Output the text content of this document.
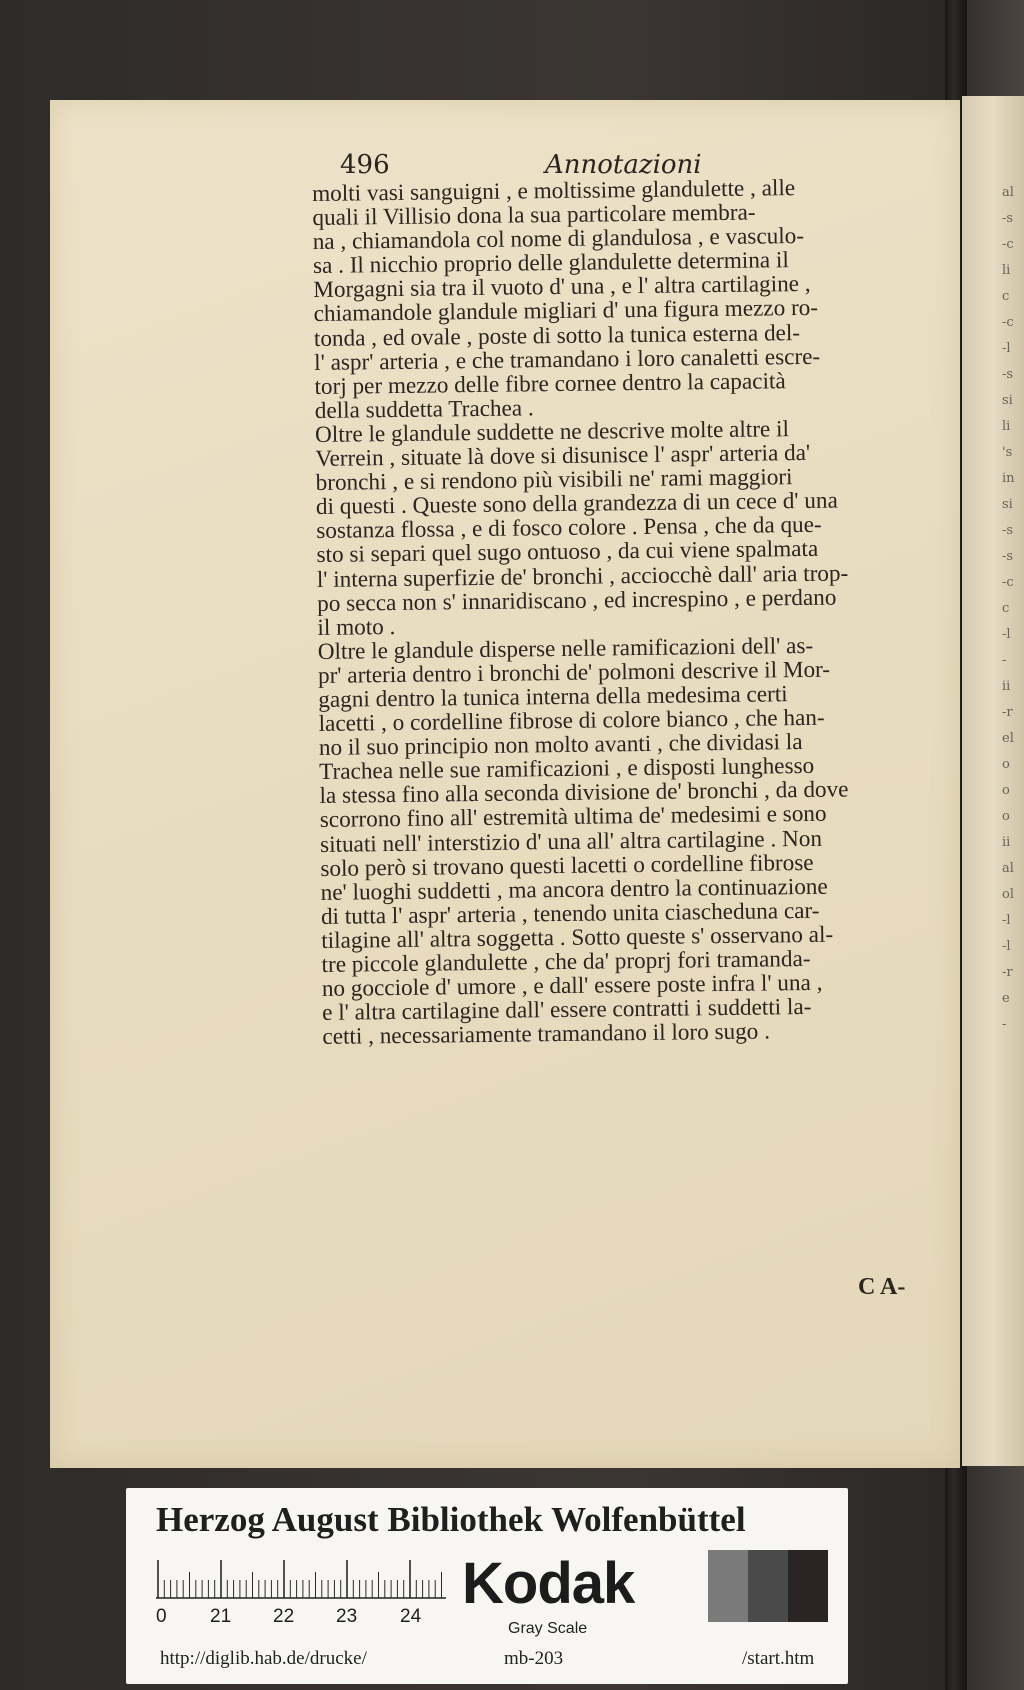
al
-s
-c
li
c
-c
-l
-s
si
li
's
in
si
-s
-s
-c
c
-l
-
ii
-r
el
o
o
o
ii
al
ol
-l
-l
-r
e
-
496	Annotazioni
molti vasi sanguigni , e moltissime glandulette , alle
quali il Villisio dona la sua particolare membra-
na , chiamandola col nome di glandulosa , e vasculo-
sa . Il nicchio proprio delle glandulette determina il
Morgagni sia tra il vuoto d' una , e l' altra cartilagine ,
chiamandole glandule migliari d' una figura mezzo ro-
tonda , ed ovale , poste di sotto la tunica esterna del-
l' aspr' arteria , e che tramandano i loro canaletti escre-
torj per mezzo delle fibre cornee dentro la capacità
della suddetta Trachea .
Oltre le glandule suddette ne descrive molte altre il
Verrein , situate là dove si disunisce l' aspr' arteria da'
bronchi , e si rendono più visibili ne' rami maggiori
di questi . Queste sono della grandezza di un cece d' una
sostanza flossa , e di fosco colore . Pensa , che da que-
sto si separi quel sugo ontuoso , da cui viene spalmata
l' interna superfizie de' bronchi , acciocchè dall' aria trop-
po secca non s' innaridiscano , ed increspino , e perdano
il moto .
Oltre le glandule disperse nelle ramificazioni dell' as-
pr' arteria dentro i bronchi de' polmoni descrive il Mor-
gagni dentro la tunica interna della medesima certi
lacetti , o cordelline fibrose di colore bianco , che han-
no il suo principio non molto avanti , che dividasi la
Trachea nelle sue ramificazioni , e disposti lunghesso
la stessa fino alla seconda divisione de' bronchi , da dove
scorrono fino all' estremità ultima de' medesimi e sono
situati nell' interstizio d' una all' altra cartilagine . Non
solo però si trovano questi lacetti o cordelline fibrose
ne' luoghi suddetti , ma ancora dentro la continuazione
di tutta l' aspr' arteria , tenendo unita ciascheduna car-
tilagine all' altra soggetta . Sotto queste s' osservano al-
tre piccole glandulette , che da' proprj fori tramanda-
no gocciole d' umore , e dall' essere poste infra l' una ,
e l' altra cartilagine dall' essere contratti i suddetti la-
cetti , necessariamente tramandano il loro sugo .
C A-
Herzog August Bibliothek Wolfenbüttel
0 21 22 23 24
Kodak
Gray Scale
http://diglib.hab.de/drucke/	mb-203	/start.htm
